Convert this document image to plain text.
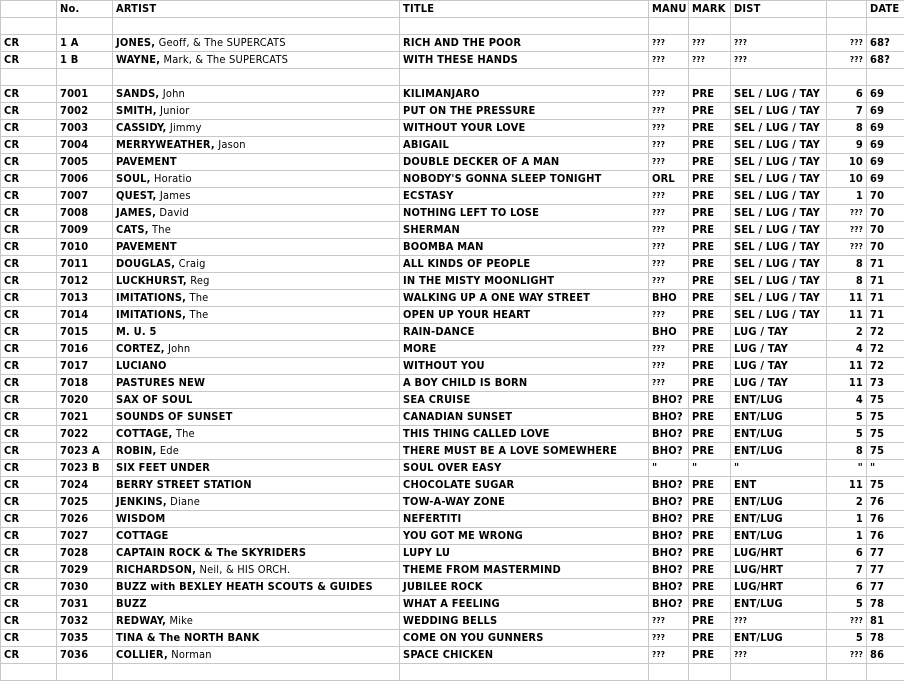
	No.	ARTIST	TITLE	MANU	MARK	DIST		DATE

CR	1 A	JONES, Geoff, & The SUPERCATS	RICH AND THE POOR	???	???	???	???	68?
CR	1 B	WAYNE, Mark, & The SUPERCATS	WITH THESE HANDS	???	???	???	???	68?

CR	7001	SANDS, John	KILIMANJARO	???	PRE	SEL / LUG / TAY	6	69
CR	7002	SMITH, Junior	PUT ON THE PRESSURE	???	PRE	SEL / LUG / TAY	7	69
CR	7003	CASSIDY, Jimmy	WITHOUT YOUR LOVE	???	PRE	SEL / LUG / TAY	8	69
CR	7004	MERRYWEATHER, Jason	ABIGAIL	???	PRE	SEL / LUG / TAY	9	69
CR	7005	PAVEMENT	DOUBLE DECKER OF A MAN	???	PRE	SEL / LUG / TAY	10	69
CR	7006	SOUL, Horatio	NOBODY'S GONNA SLEEP TONIGHT	ORL	PRE	SEL / LUG / TAY	10	69
CR	7007	QUEST, James	ECSTASY	???	PRE	SEL / LUG / TAY	1	70
CR	7008	JAMES, David	NOTHING LEFT TO LOSE	???	PRE	SEL / LUG / TAY	???	70
CR	7009	CATS, The	SHERMAN	???	PRE	SEL / LUG / TAY	???	70
CR	7010	PAVEMENT	BOOMBA MAN	???	PRE	SEL / LUG / TAY	???	70
CR	7011	DOUGLAS, Craig	ALL KINDS OF PEOPLE	???	PRE	SEL / LUG / TAY	8	71
CR	7012	LUCKHURST, Reg	IN THE MISTY MOONLIGHT	???	PRE	SEL / LUG / TAY	8	71
CR	7013	IMITATIONS, The	WALKING UP A ONE WAY STREET	BHO	PRE	SEL / LUG / TAY	11	71
CR	7014	IMITATIONS, The	OPEN UP YOUR HEART	???	PRE	SEL / LUG / TAY	11	71
CR	7015	M. U. 5	RAIN-DANCE	BHO	PRE	LUG / TAY	2	72
CR	7016	CORTEZ, John	MORE	???	PRE	LUG / TAY	4	72
CR	7017	LUCIANO	WITHOUT YOU	???	PRE	LUG / TAY	11	72
CR	7018	PASTURES NEW	A BOY CHILD IS BORN	???	PRE	LUG / TAY	11	73
CR	7020	SAX OF SOUL	SEA CRUISE	BHO?	PRE	ENT/LUG	4	75
CR	7021	SOUNDS OF SUNSET	CANADIAN SUNSET	BHO?	PRE	ENT/LUG	5	75
CR	7022	COTTAGE, The	THIS THING CALLED LOVE	BHO?	PRE	ENT/LUG	5	75
CR	7023 A	ROBIN, Ede	THERE MUST BE A LOVE SOMEWHERE	BHO?	PRE	ENT/LUG	8	75
CR	7023 B	SIX FEET UNDER	SOUL OVER EASY	"	"	"	"	"
CR	7024	BERRY STREET STATION	CHOCOLATE SUGAR	BHO?	PRE	ENT	11	75
CR	7025	JENKINS, Diane	TOW-A-WAY ZONE	BHO?	PRE	ENT/LUG	2	76
CR	7026	WISDOM	NEFERTITI	BHO?	PRE	ENT/LUG	1	76
CR	7027	COTTAGE	YOU GOT ME WRONG	BHO?	PRE	ENT/LUG	1	76
CR	7028	CAPTAIN ROCK & The SKYRIDERS	LUPY LU	BHO?	PRE	LUG/HRT	6	77
CR	7029	RICHARDSON, Neil, & HIS ORCH.	THEME FROM MASTERMIND	BHO?	PRE	LUG/HRT	7	77
CR	7030	BUZZ with BEXLEY HEATH SCOUTS & GUIDES	JUBILEE ROCK	BHO?	PRE	LUG/HRT	6	77
CR	7031	BUZZ	WHAT A FEELING	BHO?	PRE	ENT/LUG	5	78
CR	7032	REDWAY, Mike	WEDDING BELLS	???	PRE	???	???	81
CR	7035	TINA & The NORTH BANK	COME ON YOU GUNNERS	???	PRE	ENT/LUG	5	78
CR	7036	COLLIER, Norman	SPACE CHICKEN	???	PRE	???	???	86
